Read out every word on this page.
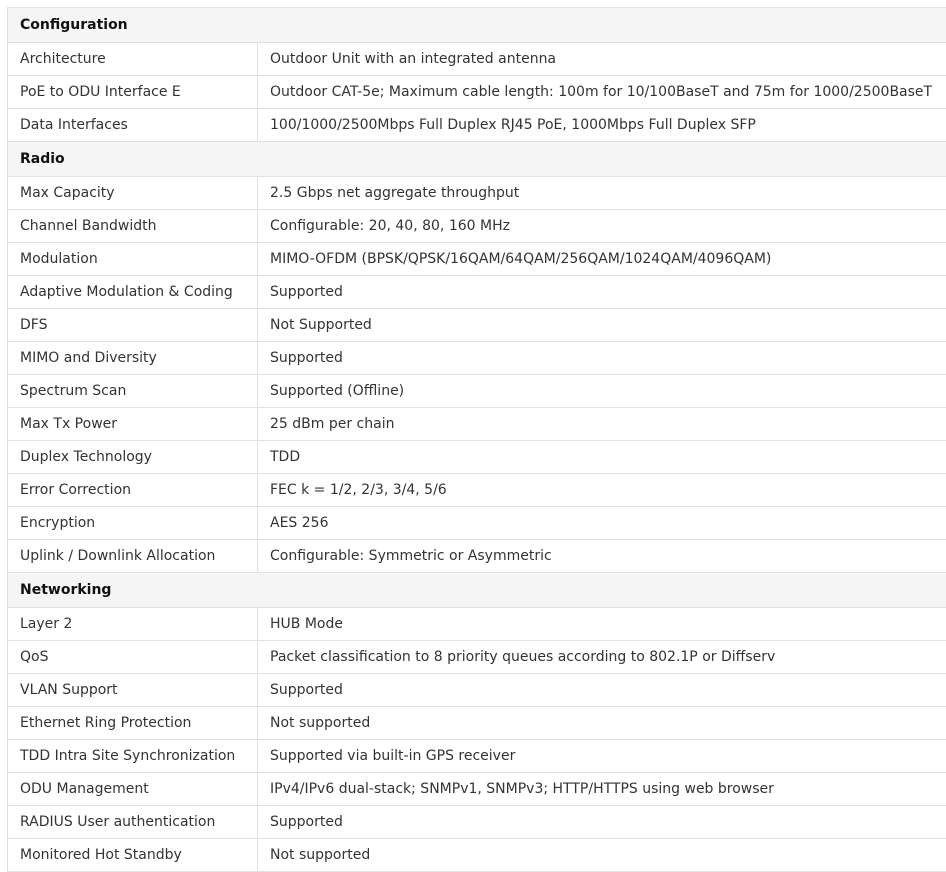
Configuration	
Architecture	Outdoor Unit with an integrated antenna
PoE to ODU Interface E	Outdoor CAT-5e; Maximum cable length: 100m for 10/100BaseT and 75m for 1000/2500BaseT
Data Interfaces	100/1000/2500Mbps Full Duplex RJ45 PoE, 1000Mbps Full Duplex SFP
Radio	
Max Capacity	2.5 Gbps net aggregate throughput
Channel Bandwidth	Configurable: 20, 40, 80, 160 MHz
Modulation	MIMO-OFDM (BPSK/QPSK/16QAM/64QAM/256QAM/1024QAM/4096QAM)
Adaptive Modulation & Coding	Supported
DFS	Not Supported
MIMO and Diversity	Supported
Spectrum Scan	Supported (Offline)
Max Tx Power	25 dBm per chain
Duplex Technology	TDD
Error Correction	FEC k = 1/2, 2/3, 3/4, 5/6
Encryption	AES 256
Uplink / Downlink Allocation	Configurable: Symmetric or Asymmetric
Networking	
Layer 2	HUB Mode
QoS	Packet classification to 8 priority queues according to 802.1P or Diffserv
VLAN Support	Supported
Ethernet Ring Protection	Not supported
TDD Intra Site Synchronization	Supported via built-in GPS receiver
ODU Management	IPv4/IPv6 dual-stack; SNMPv1, SNMPv3; HTTP/HTTPS using web browser
RADIUS User authentication	Supported
Monitored Hot Standby	Not supported
